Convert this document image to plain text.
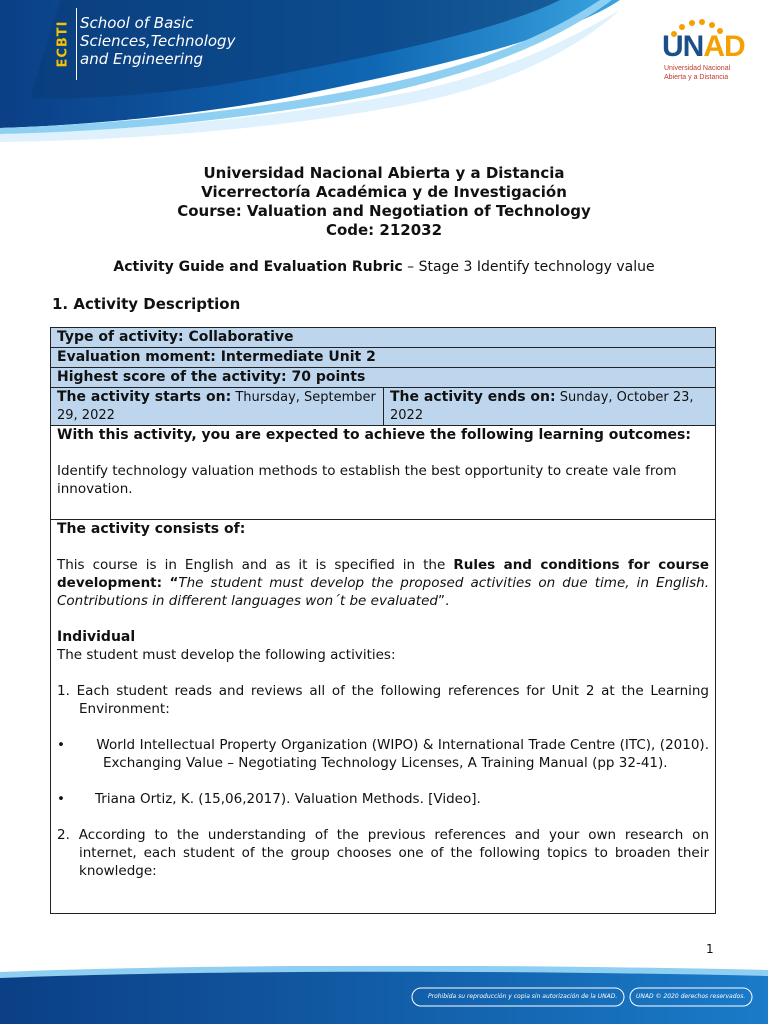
ECBTI School of Basic
Sciences,Technology
and Engineering	UNAD
Universidad Nacional
Abierta y a Distancia
Universidad Nacional Abierta y a Distancia
Vicerrectoría Académica y de Investigación
Course: Valuation and Negotiation of Technology
Code: 212032
Activity Guide and Evaluation Rubric – Stage 3 Identify technology value
1. Activity Description
Type of activity: Collaborative
Evaluation moment: Intermediate Unit 2
Highest score of the activity: 70 points
The activity starts on: Thursday, September 29, 2022
The activity ends on: Sunday, October 23, 2022

With this activity, you are expected to achieve the following learning outcomes:

Identify technology valuation methods to establish the best opportunity to create vale from innovation.

The activity consists of:

This course is in English and as it is specified in the Rules and conditions for course development: “The student must develop the proposed activities on due time, in English. Contributions in different languages won´t be evaluated”.

Individual

The student must develop the following activities:

1. Each student reads and reviews all of the following references for Unit 2 at the Learning Environment:

• World Intellectual Property Organization (WIPO) & International Trade Centre (ITC), (2010). Exchanging Value – Negotiating Technology Licenses, A Training Manual (pp 32-41).

• Triana Ortiz, K. (15,06,2017). Valuation Methods. [Video].

2. According to the understanding of the previous references and your own research on internet, each student of the group chooses one of the following topics to broaden their knowledge:

1
Prohibida su reproducción y copia sin autorización de la UNAD.	UNAD © 2020 derechos reservados.
